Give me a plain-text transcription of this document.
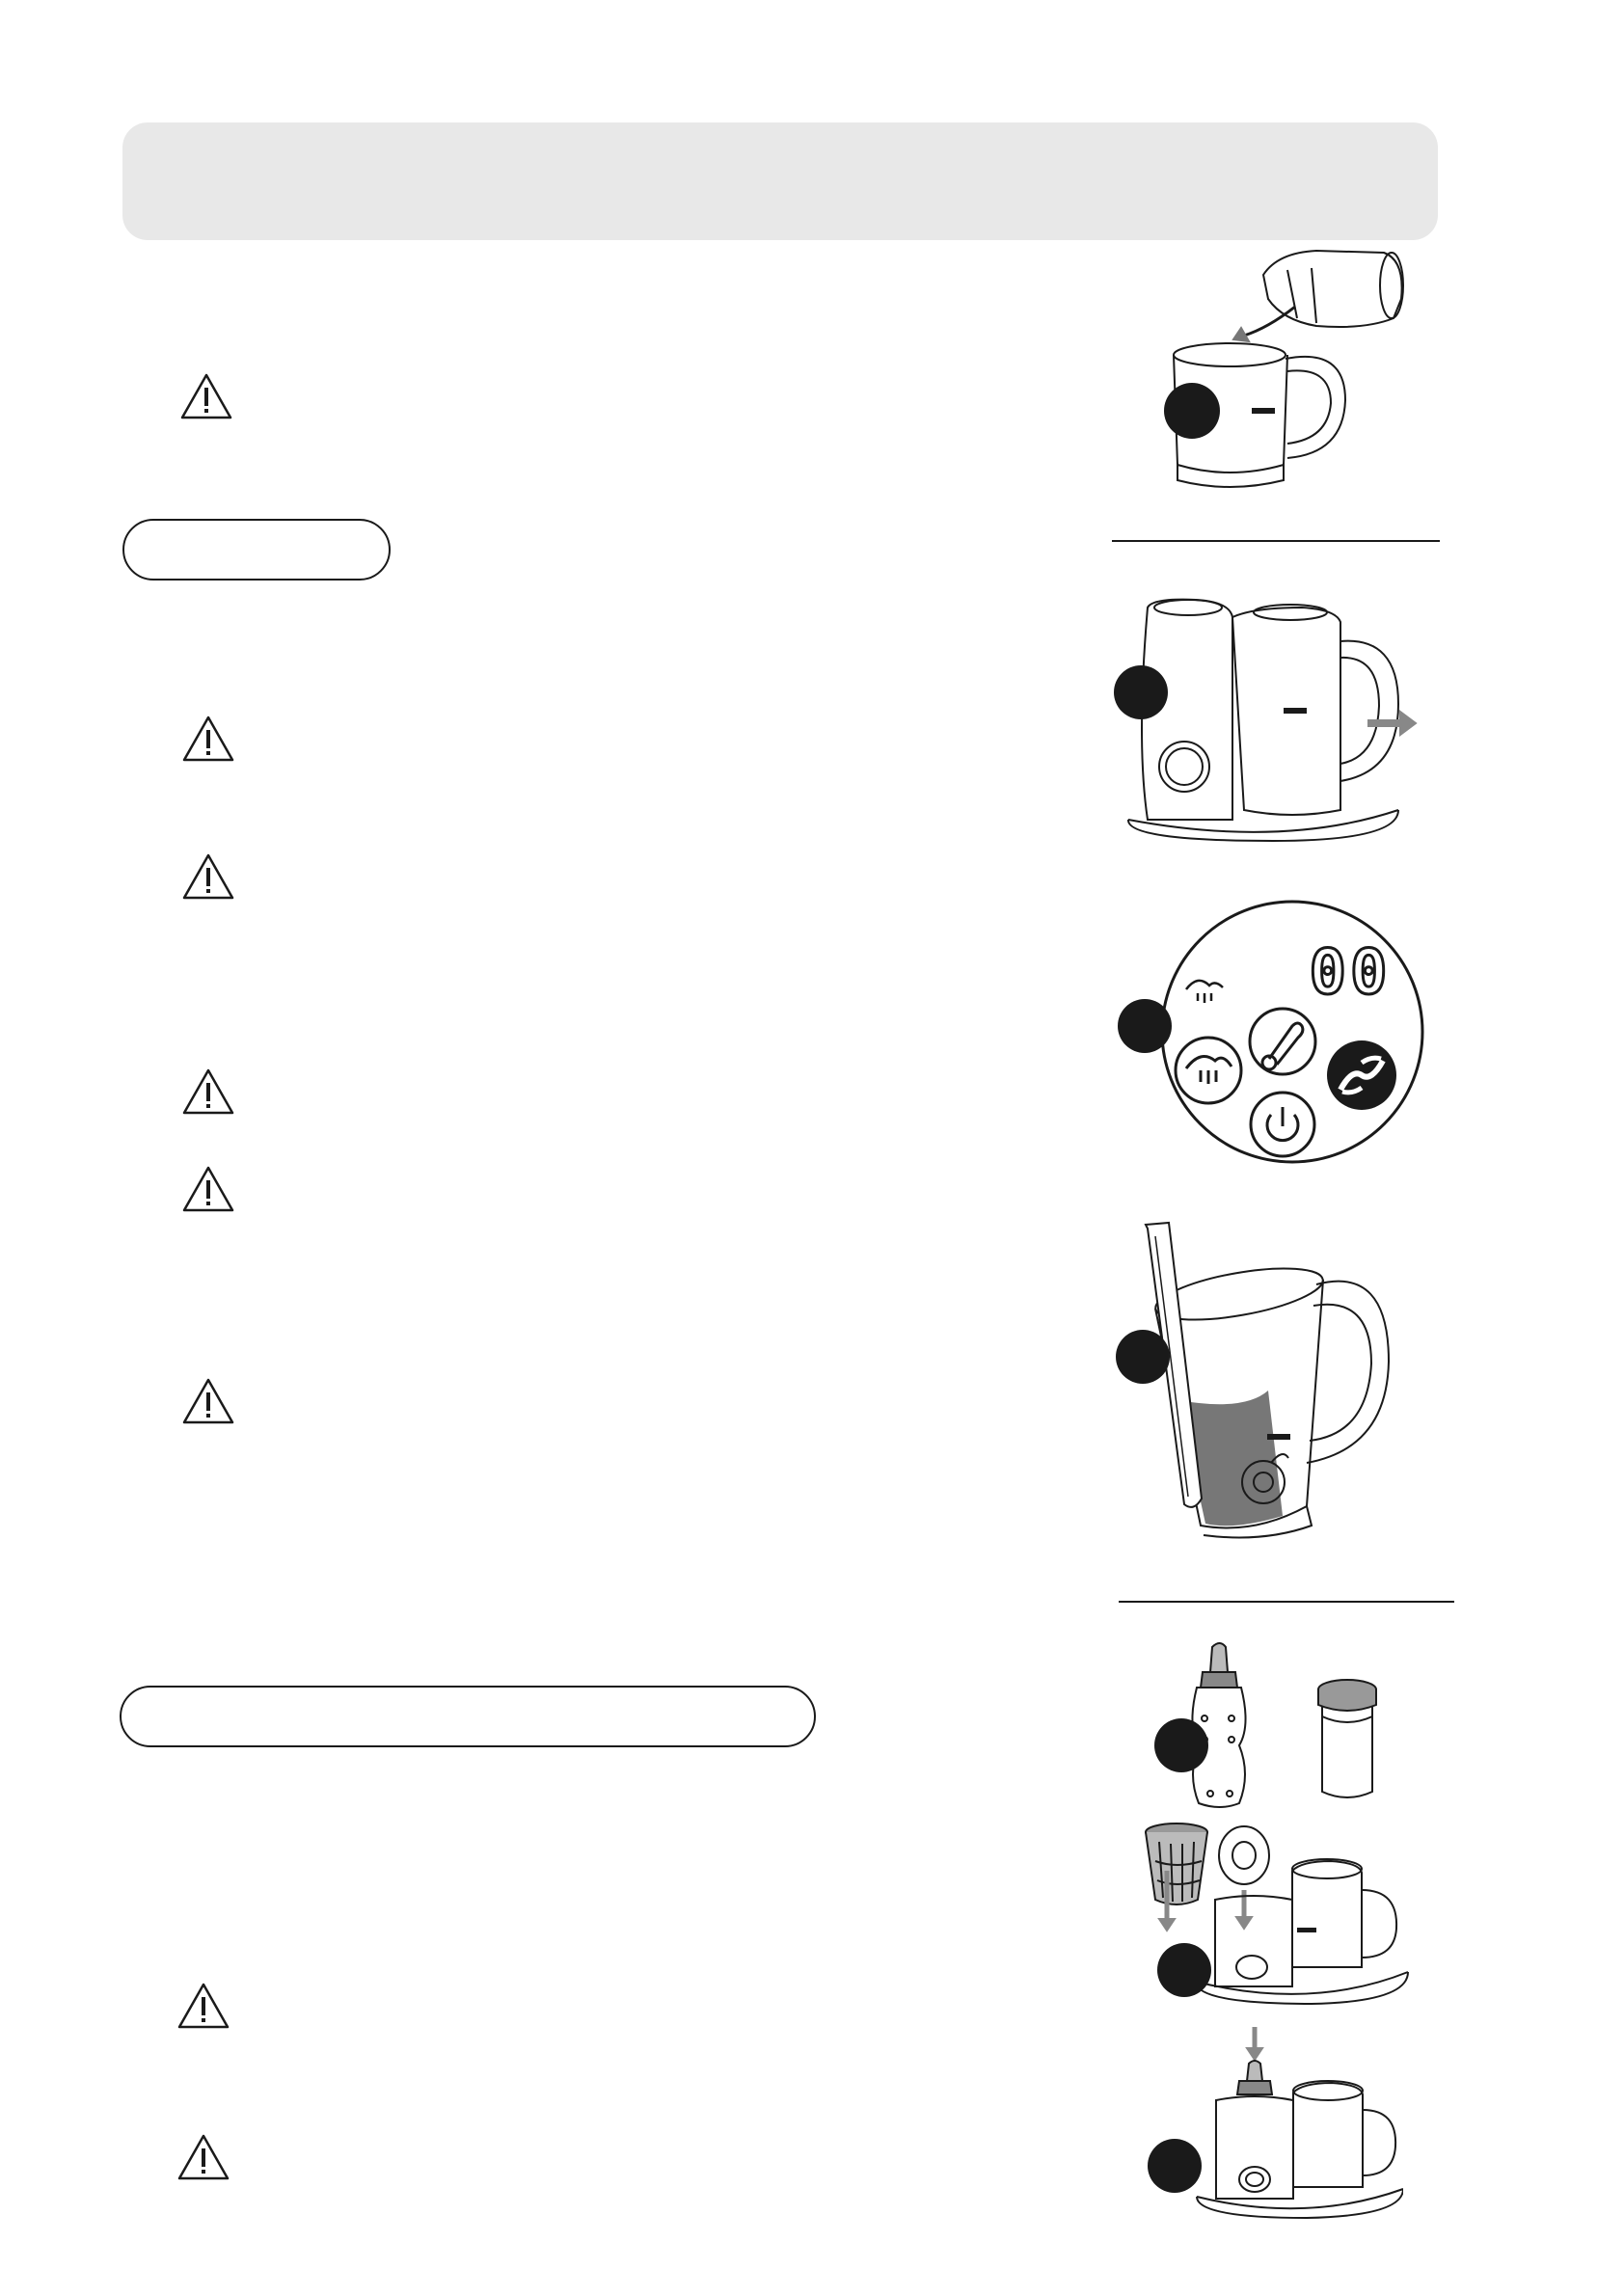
00
